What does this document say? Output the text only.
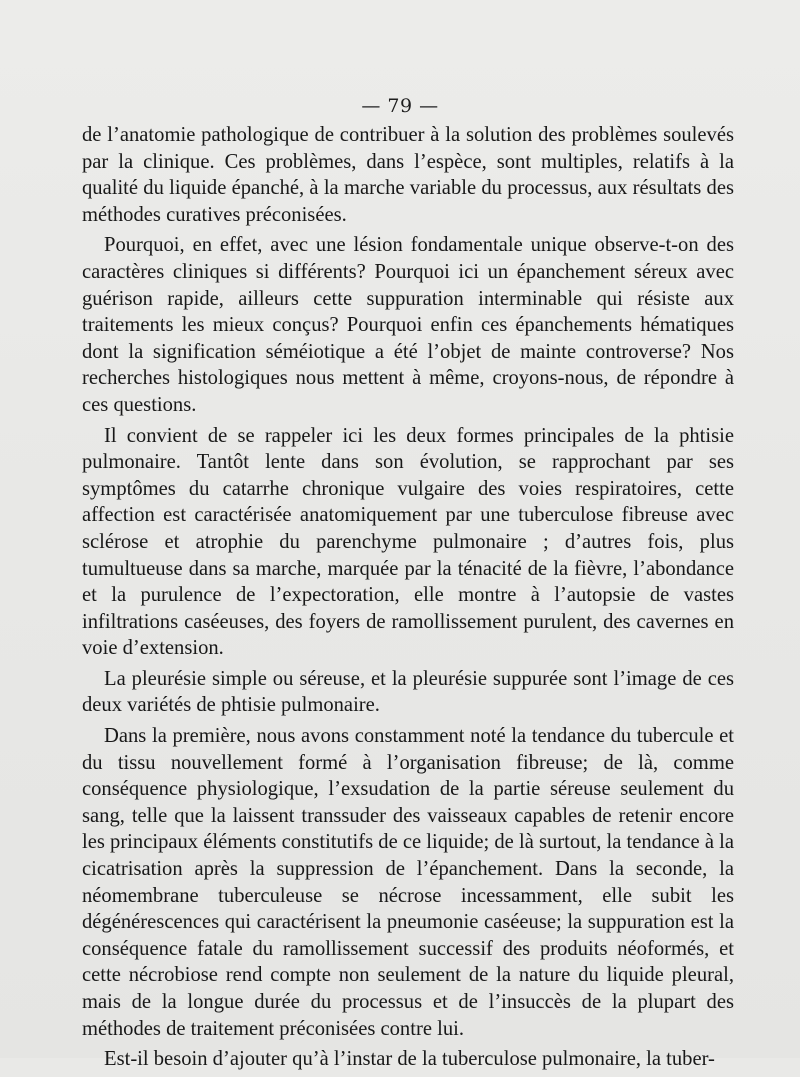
— 79 —

de l’anatomie pathologique de contribuer à la solution des problèmes soulevés par la clinique. Ces problèmes, dans l’espèce, sont multiples, relatifs à la qualité du liquide épanché, à la marche variable du processus, aux résultats des méthodes curatives préconisées.

Pourquoi, en effet, avec une lésion fondamentale unique observe-t-on des caractères cliniques si différents? Pourquoi ici un épanchement séreux avec guérison rapide, ailleurs cette suppuration interminable qui résiste aux traitements les mieux conçus? Pourquoi enfin ces épanchements hématiques dont la signification séméiotique a été l’objet de mainte controverse? Nos recherches histologiques nous mettent à même, croyons-nous, de répondre à ces questions.

Il convient de se rappeler ici les deux formes principales de la phtisie pulmonaire. Tantôt lente dans son évolution, se rapprochant par ses symptômes du catarrhe chronique vulgaire des voies respiratoires, cette affection est caractérisée anatomiquement par une tuberculose fibreuse avec sclérose et atrophie du parenchyme pulmonaire ; d’autres fois, plus tumultueuse dans sa marche, marquée par la ténacité de la fièvre, l’abondance et la purulence de l’expectoration, elle montre à l’autopsie de vastes infiltrations caséeuses, des foyers de ramollissement purulent, des cavernes en voie d’extension.

La pleurésie simple ou séreuse, et la pleurésie suppurée sont l’image de ces deux variétés de phtisie pulmonaire.

Dans la première, nous avons constamment noté la tendance du tubercule et du tissu nouvellement formé à l’organisation fibreuse; de là, comme conséquence physiologique, l’exsudation de la partie séreuse seulement du sang, telle que la laissent transsuder des vaisseaux capables de retenir encore les principaux éléments constitutifs de ce liquide; de là surtout, la tendance à la cicatrisation après la suppression de l’épanchement. Dans la seconde, la néomembrane tuberculeuse se nécrose incessamment, elle subit les dégénérescences qui caractérisent la pneumonie caséeuse; la suppuration est la conséquence fatale du ramollissement successif des produits néoformés, et cette nécrobiose rend compte non seulement de la nature du liquide pleural, mais de la longue durée du processus et de l’insuccès de la plupart des méthodes de traitement préconisées contre lui.

Est-il besoin d’ajouter qu’à l’instar de la tuberculose pulmonaire, la tuber-
